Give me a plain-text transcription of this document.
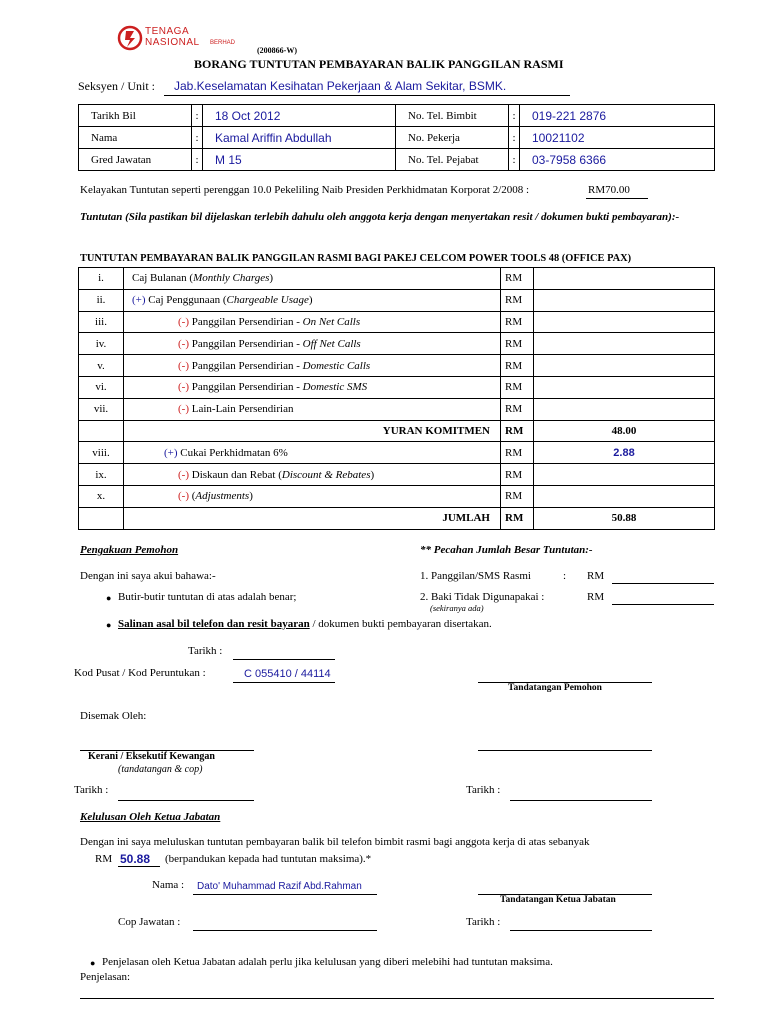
TENAGA
NASIONAL BERHAD
(200866-W)
BORANG TUNTUTAN PEMBAYARAN BALIK PANGGILAN RASMI
Seksyen / Unit : Jab.Keselamatan Kesihatan Pekerjaan & Alam Sekitar, BSMK.
Tarikh Bil	:	18 Oct 2012	No. Tel. Bimbit	:	019-221 2876
Nama	:	Kamal Ariffin Abdullah	No. Pekerja	:	10021102
Gred Jawatan	:	M 15	No. Tel. Pejabat	:	03-7958 6366
Kelayakan Tuntutan seperti perenggan 10.0 Pekeliling Naib Presiden Perkhidmatan Korporat 2/2008 :	RM70.00
Tuntutan (Sila pastikan bil dijelaskan terlebih dahulu oleh anggota kerja dengan menyertakan resit / dokumen bukti pembayaran):-
TUNTUTAN PEMBAYARAN BALIK PANGGILAN RASMI BAGI PAKEJ CELCOM POWER TOOLS 48 (OFFICE PAX)
i.	Caj Bulanan (Monthly Charges)	RM	
ii.	(+) Caj Penggunaan (Chargeable Usage)	RM	
iii.	(-) Panggilan Persendirian - On Net Calls	RM	
iv.	(-) Panggilan Persendirian - Off Net Calls	RM	
v.	(-) Panggilan Persendirian - Domestic Calls	RM	
vi.	(-) Panggilan Persendirian - Domestic SMS	RM	
vii.	(-) Lain-Lain Persendirian	RM	
	YURAN KOMITMEN	RM	48.00
viii.	(+) Cukai Perkhidmatan 6%	RM	2.88
ix.	(-) Diskaun dan Rebat (Discount & Rebates)	RM	
x.	(-) (Adjustments)	RM	
	JUMLAH	RM	50.88
Pengakuan Pemohon	** Pecahan Jumlah Besar Tuntutan:-
Dengan ini saya akui bahawa:-	1. Panggilan/SMS Rasmi	: RM
● Butir-butir tuntutan di atas adalah benar;	2. Baki Tidak Digunapakai :	RM
(sekiranya ada)
● Salinan asal bil telefon dan resit bayaran / dokumen bukti pembayaran disertakan.
Tarikh :
Kod Pusat / Kod Peruntukan :	C 055410 / 44114
Tandatangan Pemohon
Disemak Oleh:
Kerani / Eksekutif Kewangan
(tandatangan & cop)
Tarikh :	Tarikh :
Kelulusan Oleh Ketua Jabatan
Dengan ini saya meluluskan tuntutan pembayaran balik bil telefon bimbit rasmi bagi anggota kerja di atas sebanyak
RM 50.88 (berpandukan kepada had tuntutan maksima).*
Nama : Dato' Muhammad Razif Abd.Rahman
Tandatangan Ketua Jabatan
Cop Jawatan :	Tarikh :
● Penjelasan oleh Ketua Jabatan adalah perlu jika kelulusan yang diberi melebihi had tuntutan maksima.
Penjelasan:
